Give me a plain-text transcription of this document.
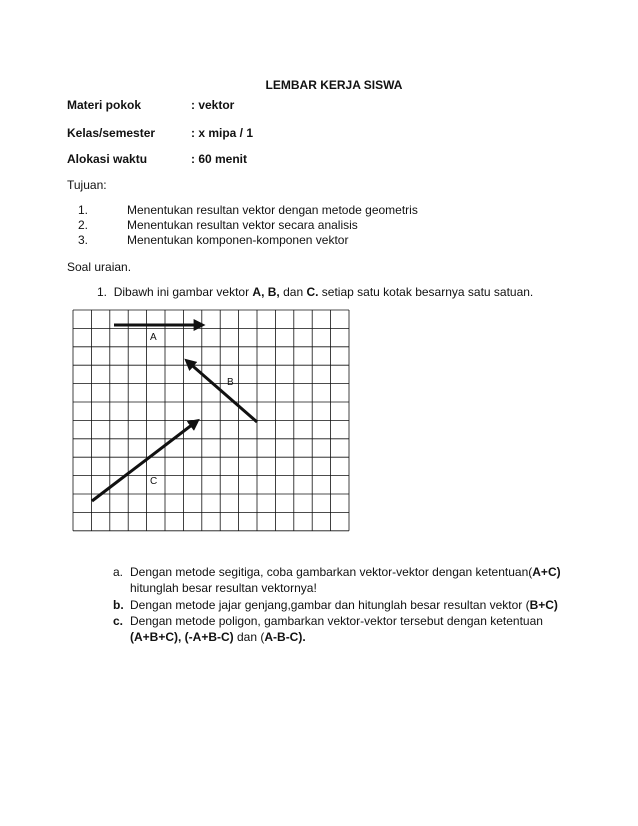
LEMBAR KERJA SISWA
Materi pokok	: vektor
Kelas/semester	: x mipa / 1
Alokasi waktu	: 60 menit
Tujuan:
1.	Menentukan resultan vektor dengan metode geometris
2.	Menentukan resultan vektor secara analisis
3.	Menentukan komponen-komponen vektor
Soal uraian.
1. Dibawh ini gambar vektor A, B, dan C. setiap satu kotak besarnya satu satuan.
A
B
C
a. Dengan metode segitiga, coba gambarkan vektor-vektor dengan ketentuan(A+C)
hitunglah besar resultan vektornya!
b. Dengan metode jajar genjang,gambar dan hitunglah besar resultan vektor (B+C)
c. Dengan metode poligon, gambarkan vektor-vektor tersebut dengan ketentuan
(A+B+C), (-A+B-C) dan (A-B-C).
